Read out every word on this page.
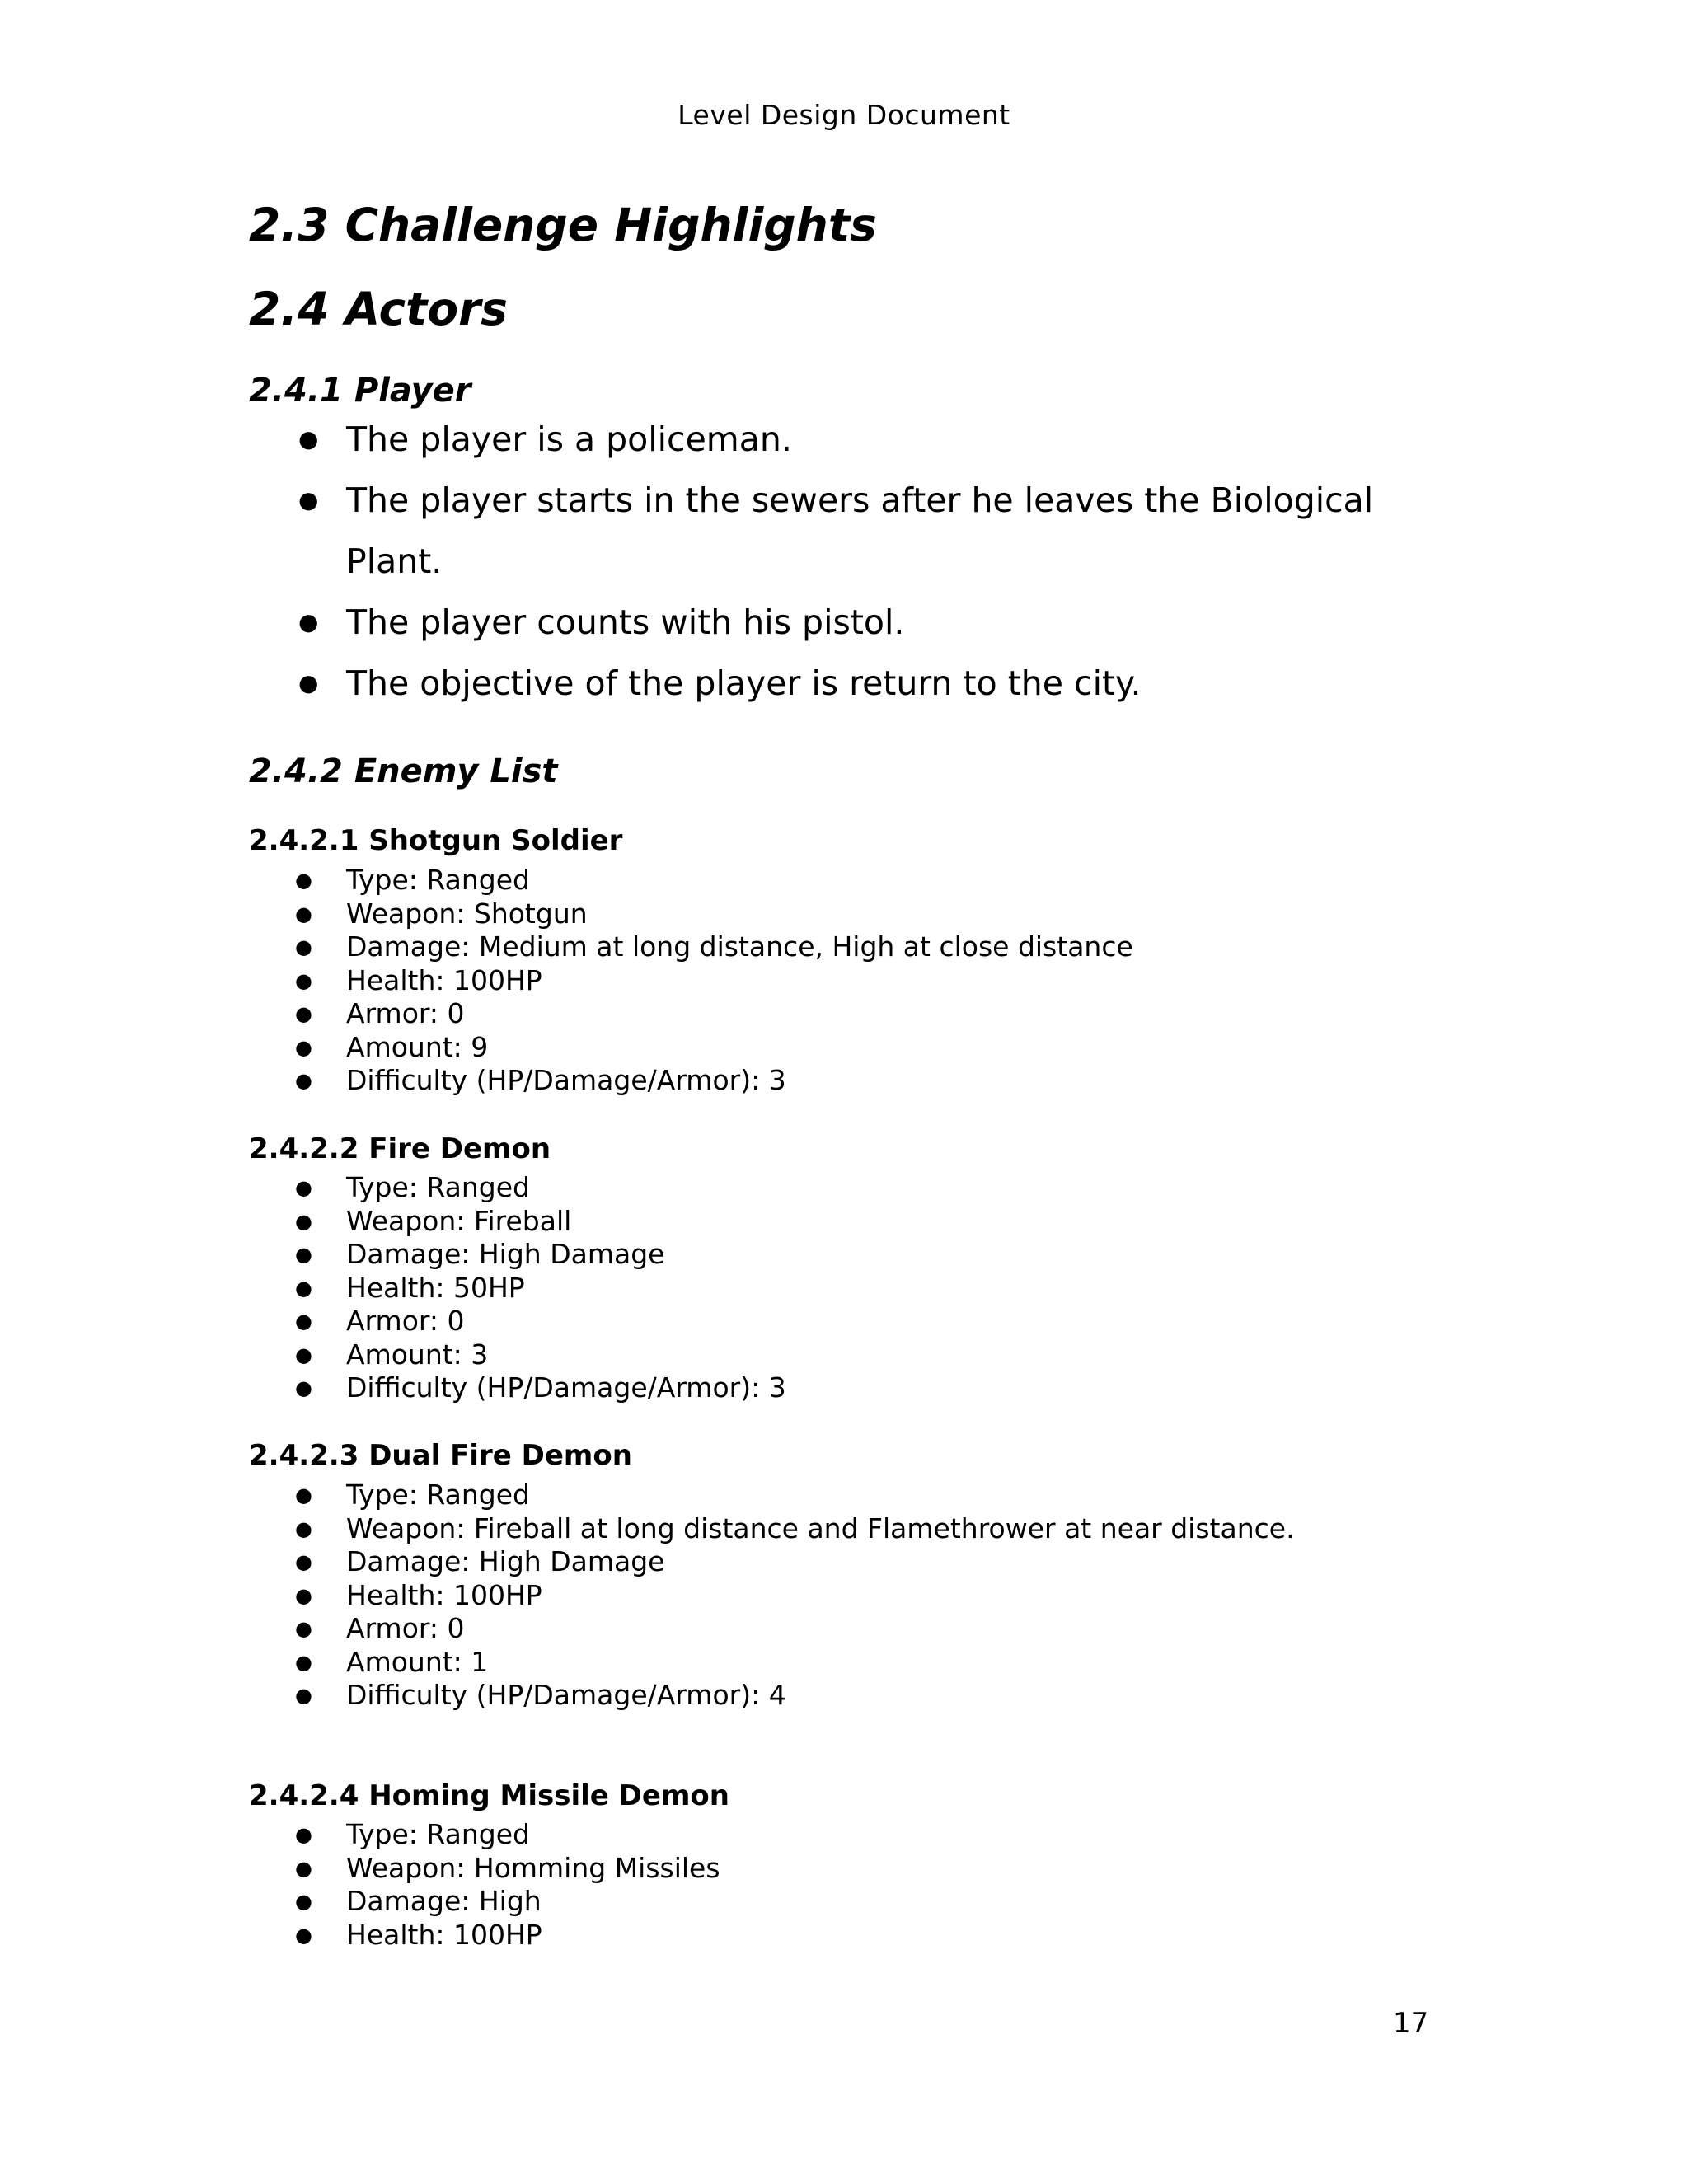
Level Design Document
2.3 Challenge Highlights
2.4 Actors
2.4.1 Player
● The player is a policeman.
● The player starts in the sewers after he leaves the Biological Plant.
● The player counts with his pistol.
● The objective of the player is return to the city.
2.4.2 Enemy List
2.4.2.1 Shotgun Soldier
● Type: Ranged
● Weapon: Shotgun
● Damage: Medium at long distance, High at close distance
● Health: 100HP
● Armor: 0
● Amount: 9
● Difficulty (HP/Damage/Armor): 3
2.4.2.2 Fire Demon
● Type: Ranged
● Weapon: Fireball
● Damage: High Damage
● Health: 50HP
● Armor: 0
● Amount: 3
● Difficulty (HP/Damage/Armor): 3
2.4.2.3 Dual Fire Demon
● Type: Ranged
● Weapon: Fireball at long distance and Flamethrower at near distance.
● Damage: High Damage
● Health: 100HP
● Armor: 0
● Amount: 1
● Difficulty (HP/Damage/Armor): 4
2.4.2.4 Homing Missile Demon
● Type: Ranged
● Weapon: Homming Missiles
● Damage: High
● Health: 100HP
17
